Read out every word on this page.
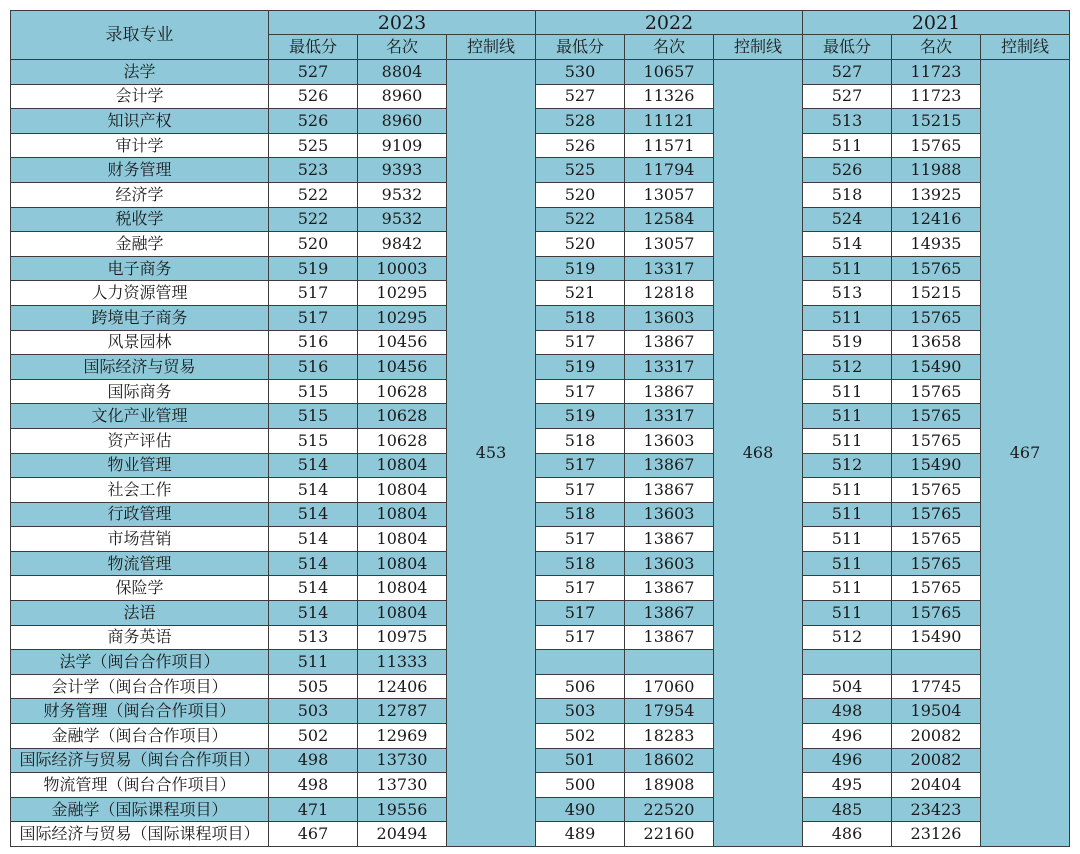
录取专业	2023			2022			2021		
	最低分	名次	控制线	最低分	名次	控制线	最低分	名次	控制线
法学	527	8804	453	530	10657	468	527	11723	467
会计学	526	8960		527	11326		527	11723	
知识产权	526	8960		528	11121		513	15215	
审计学	525	9109		526	11571		511	15765	
财务管理	523	9393		525	11794		526	11988	
经济学	522	9532		520	13057		518	13925	
税收学	522	9532		522	12584		524	12416	
金融学	520	9842		520	13057		514	14935	
电子商务	519	10003		519	13317		511	15765	
人力资源管理	517	10295		521	12818		513	15215	
跨境电子商务	517	10295		518	13603		511	15765	
风景园林	516	10456		517	13867		519	13658	
国际经济与贸易	516	10456		519	13317		512	15490	
国际商务	515	10628		517	13867		511	15765	
文化产业管理	515	10628		519	13317		511	15765	
资产评估	515	10628		518	13603		511	15765	
物业管理	514	10804		517	13867		512	15490	
社会工作	514	10804		517	13867		511	15765	
行政管理	514	10804		518	13603		511	15765	
市场营销	514	10804		517	13867		511	15765	
物流管理	514	10804		518	13603		511	15765	
保险学	514	10804		517	13867		511	15765	
法语	514	10804		517	13867		511	15765	
商务英语	513	10975		517	13867		512	15490	
法学（闽台合作项目）	511	11333							
会计学（闽台合作项目）	505	12406		506	17060		504	17745	
财务管理（闽台合作项目）	503	12787		503	17954		498	19504	
金融学（闽台合作项目）	502	12969		502	18283		496	20082	
国际经济与贸易（闽台合作项目）	498	13730		501	18602		496	20082	
物流管理（闽台合作项目）	498	13730		500	18908		495	20404	
金融学（国际课程项目）	471	19556		490	22520		485	23423	
国际经济与贸易（国际课程项目）	467	20494		489	22160		486	23126	
